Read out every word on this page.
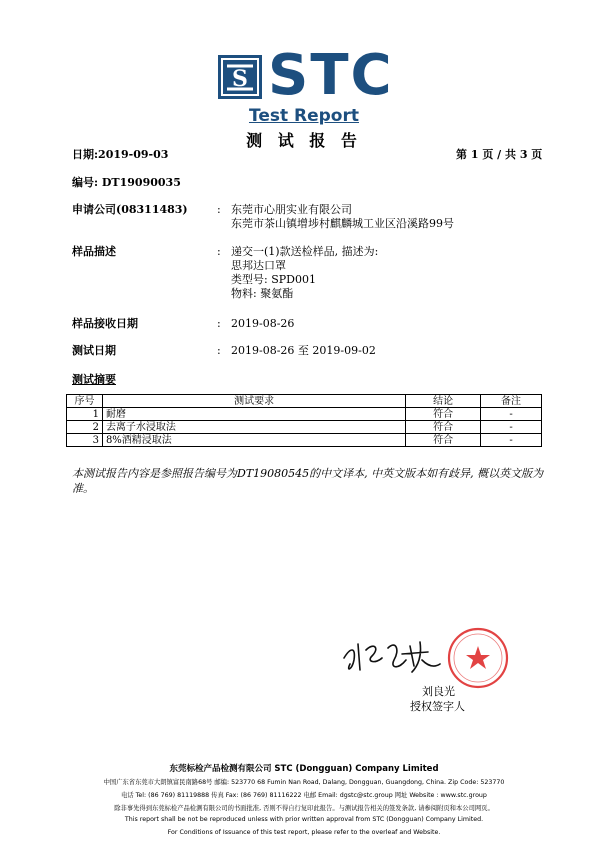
S STC
Test Report
测 试 报 告
日期:2019-09-03	第 1 页 / 共 3 页
编号: DT19090035
申请公司(08311483)	: 东莞市心朋实业有限公司
东莞市茶山镇增埗村麒麟城工业区沿溪路99号
样品描述	: 递交一(1)款送检样品, 描述为:
思邦达口罩
类型号: SPD001
物料: 聚氨酯
样品接收日期	: 2019-08-26
测试日期	: 2019-08-26 至 2019-09-02
测试摘要
序号	测试要求	结论	备注
1	耐磨	符合	-
2	去离子水浸取法	符合	-
3	8%酒精浸取法	符合	-
本测试报告内容是参照报告编号为DT19080545的中文译本, 中英文版本如有歧异, 概以英文版为准。
刘良光
授权签字人
东莞标检产品检测有限公司 STC (Dongguan) Company Limited
中国广东省东莞市大朗镇富民南路68号 邮编: 523770 68 Fumin Nan Road, Dalang, Dongguan, Guangdong, China. Zip Code: 523770
电话 Tel: (86 769) 81119888 传真 Fax: (86 769) 81116222 电邮 Email: dgstc@stc.group 网址 Website : www.stc.group
除非事先得到东莞标检产品检测有限公司的书面批准, 否则不得自行复印此报告。与测试报告相关的签发条款, 请参阅附页和本公司网页。
This report shall be not be reproduced unless with prior written approval from STC (Dongguan) Company Limited.
For Conditions of Issuance of this test report, please refer to the overleaf and Website.
